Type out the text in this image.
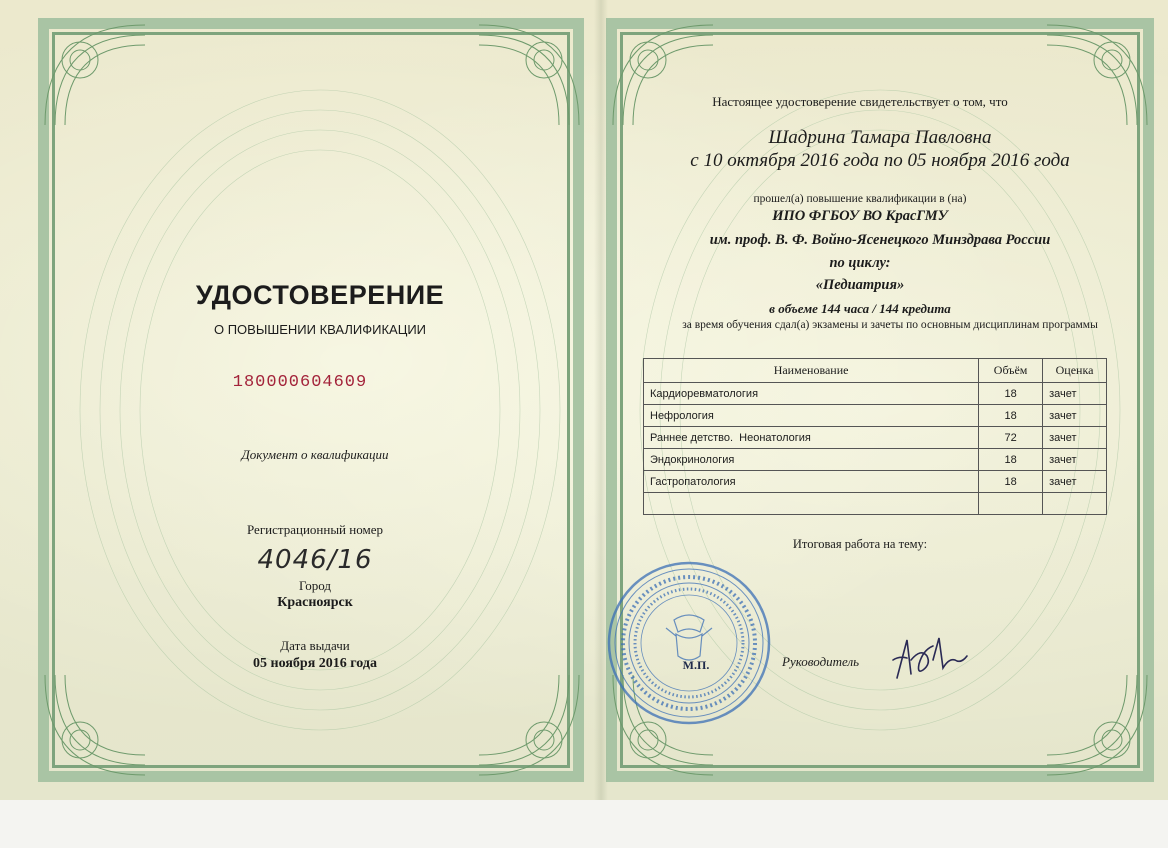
УДОСТОВЕРЕНИЕ
О ПОВЫШЕНИИ КВАЛИФИКАЦИИ
180000604609
Документ о квалификации
Регистрационный номер
4046/16
Город
Красноярск
Дата выдачи
05 ноября 2016 года
Настоящее удостоверение свидетельствует о том, что
Шадрина Тамара Павловна
с 10 октября 2016 года по 05 ноября 2016 года
прошел(а) повышение квалификации в (на)
ИПО ФГБОУ ВО КрасГМУ
им. проф. В. Ф. Войно-Ясенецкого Минздрава России
по циклу:
«Педиатрия»
в объеме 144 часа / 144 кредита
за время обучения сдал(а) экзамены и зачеты по основным дисциплинам программы
Наименование	Объём	Оценка
Кардиоревматология	18	зачет
Нефрология	18	зачет
Раннее детство.  Неонатология	72	зачет
Эндокринология	18	зачет
Гастропатология	18	зачет

Итоговая работа на тему:
М.П.	Руководитель
